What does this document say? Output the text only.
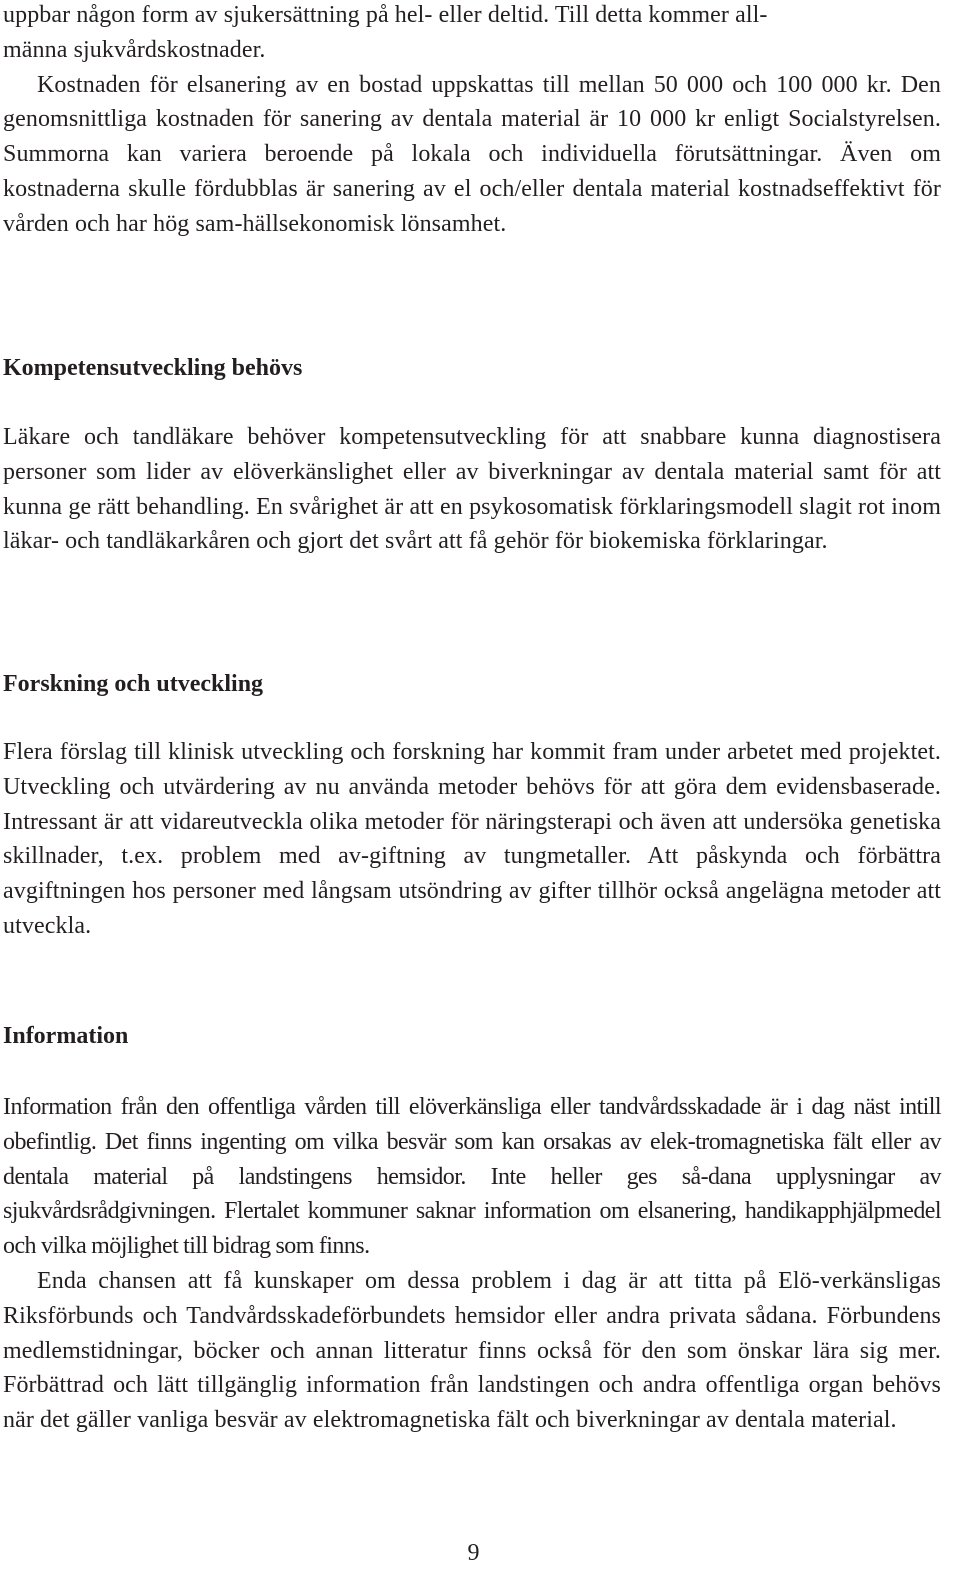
uppbar någon form av sjukersättning på hel- eller deltid. Till detta kommer all-
männa sjukvårdskostnader.

Kostnaden för elsanering av en bostad uppskattas till mellan 50 000 och 100 000 kr. Den genomsnittliga kostnaden för sanering av dentala material är 10 000 kr enligt Socialstyrelsen. Summorna kan variera beroende på lokala och individuella förutsättningar. Även om kostnaderna skulle fördubblas är sanering av el och/eller dentala material kostnadseffektivt för vården och har hög sam-hällsekonomisk lönsamhet.

Kompetensutveckling behövs

Läkare och tandläkare behöver kompetensutveckling för att snabbare kunna diagnostisera personer som lider av elöverkänslighet eller av biverkningar av dentala material samt för att kunna ge rätt behandling. En svårighet är att en psykosomatisk förklaringsmodell slagit rot inom läkar- och tandläkarkåren och gjort det svårt att få gehör för biokemiska förklaringar.

Forskning och utveckling

Flera förslag till klinisk utveckling och forskning har kommit fram under arbetet med projektet. Utveckling och utvärdering av nu använda metoder behövs för att göra dem evidensbaserade. Intressant är att vidareutveckla olika metoder för näringsterapi och även att undersöka genetiska skillnader, t.ex. problem med av-giftning av tungmetaller. Att påskynda och förbättra avgiftningen hos personer med långsam utsöndring av gifter tillhör också angelägna metoder att utveckla.

Information

Information från den offentliga vården till elöverkänsliga eller tandvårdsskadade är i dag näst intill obefintlig. Det finns ingenting om vilka besvär som kan orsakas av elek-tromagnetiska fält eller av dentala material på landstingens hemsidor. Inte heller ges så-dana upplysningar av sjukvårdsrådgivningen. Flertalet kommuner saknar information om elsanering, handikapphjälpmedel och vilka möjlighet till bidrag som finns.

Enda chansen att få kunskaper om dessa problem i dag är att titta på Elö-verkänsligas Riksförbunds och Tandvårdsskadeförbundets hemsidor eller andra privata sådana. Förbundens medlemstidningar, böcker och annan litteratur finns också för den som önskar lära sig mer. Förbättrad och lätt tillgänglig information från landstingen och andra offentliga organ behövs när det gäller vanliga besvär av elektromagnetiska fält och biverkningar av dentala material.

9
